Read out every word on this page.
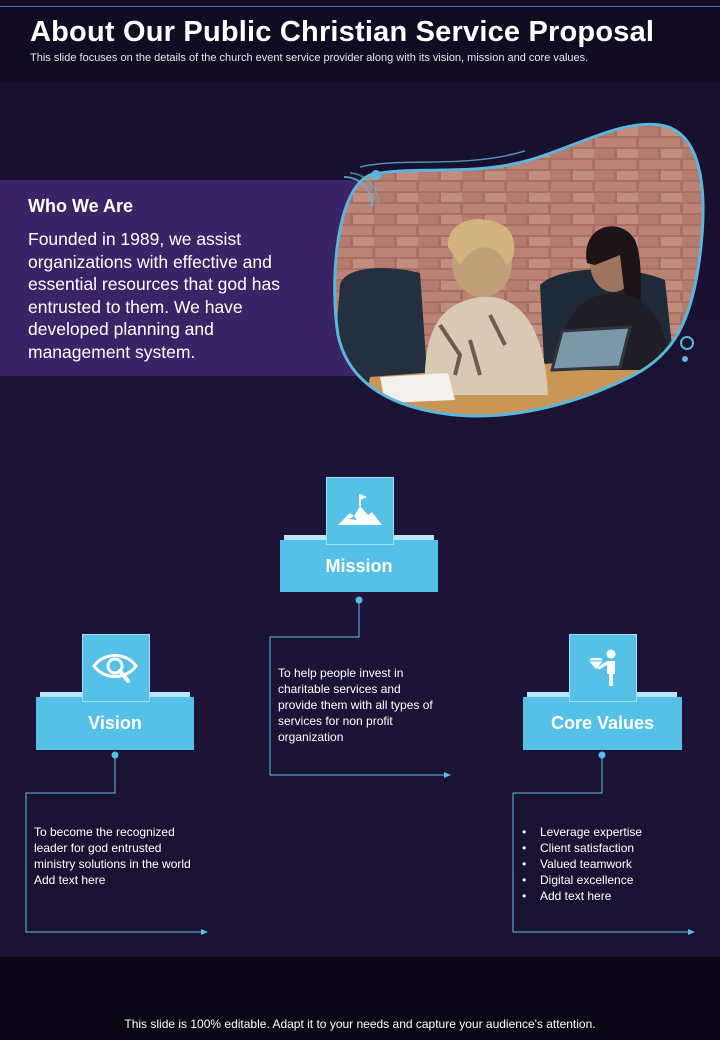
About Our Public Christian Service Proposal
This slide focuses on the details of the church event service provider along with its vision, mission and core values.
Who We Are
Founded in 1989, we assist organizations with effective and essential resources that god has entrusted to them. We have developed planning and management system.
Mission
To help people invest in charitable services and provide them with all types of services for non profit organization
Vision
To become the recognized leader for god entrusted ministry solutions in the world
Add text here
Core Values
• Leverage expertise
• Client satisfaction
• Valued teamwork
• Digital excellence
• Add text here
This slide is 100% editable. Adapt it to your needs and capture your audience's attention.
